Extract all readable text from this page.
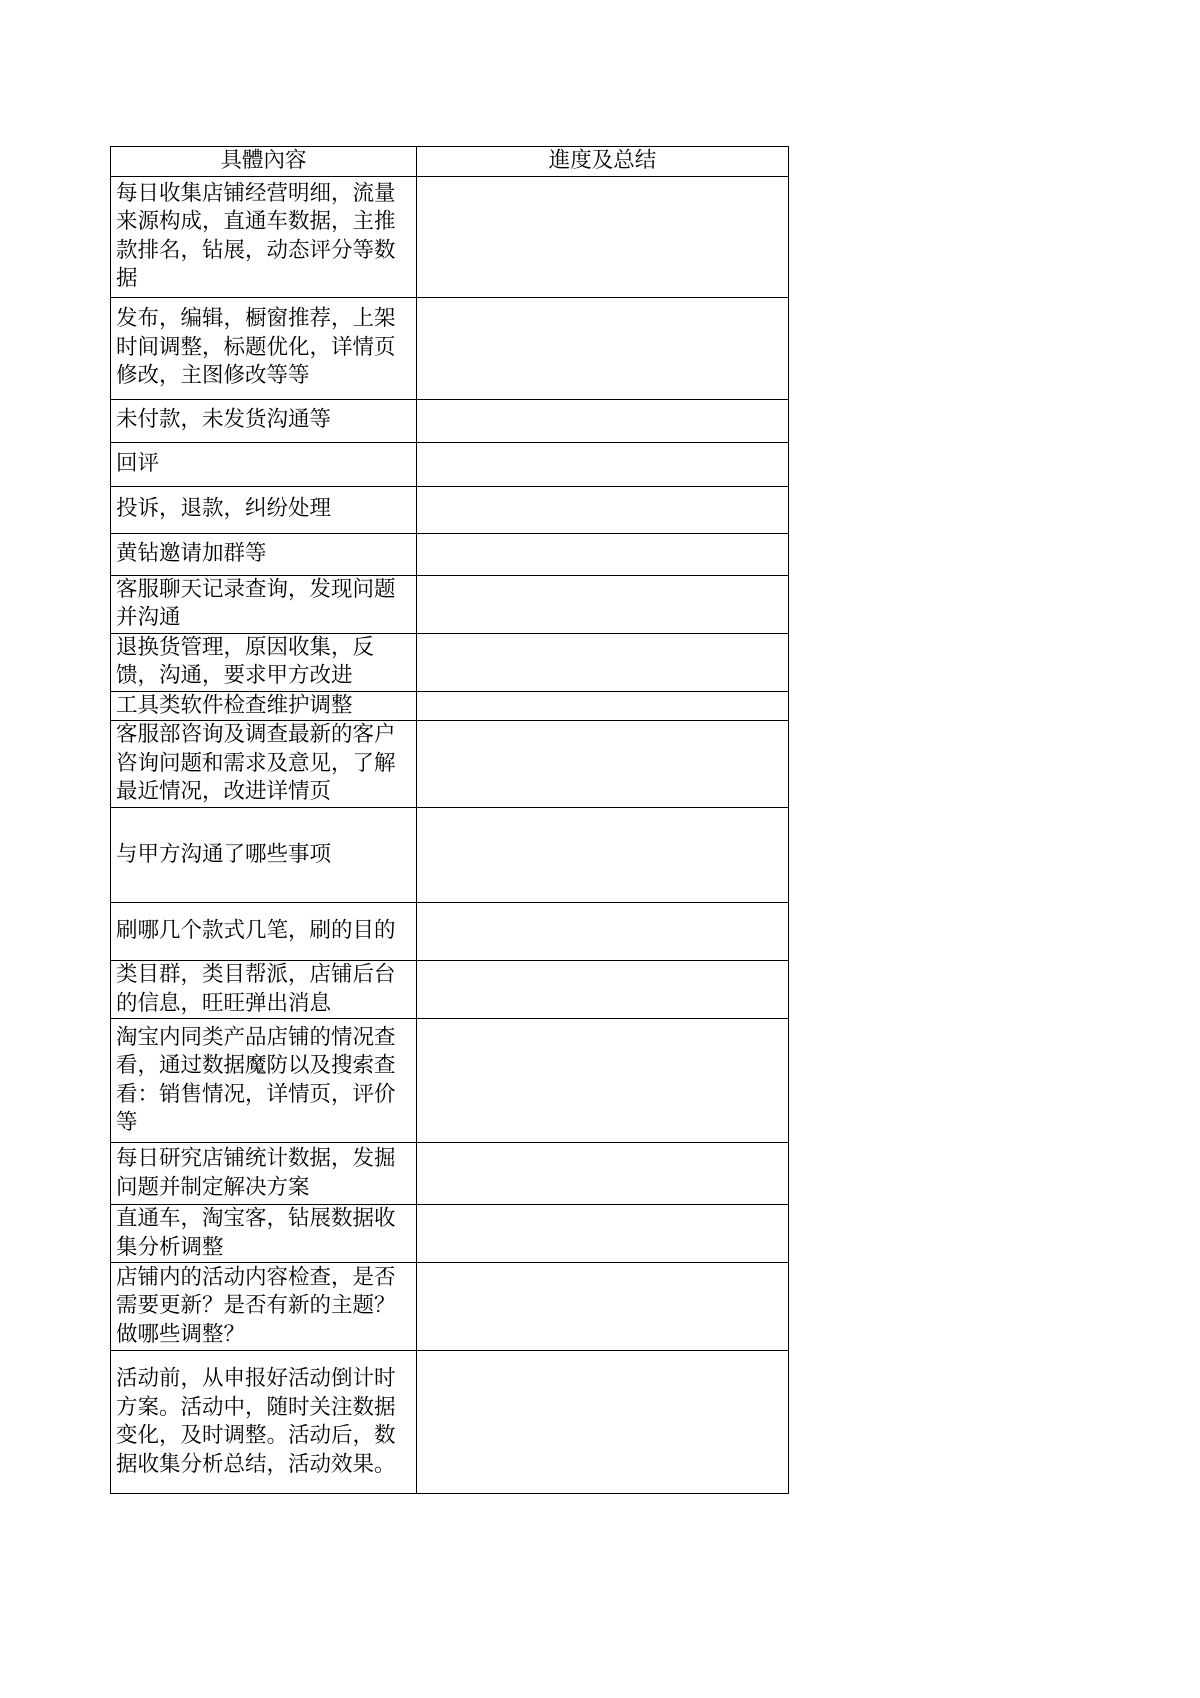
具體內容	進度及总结
每日收集店铺经营明细，流量来源构成，直通车数据，主推款排名，钻展，动态评分等数据	
发布，编辑，橱窗推荐，上架时间调整，标题优化，详情页修改，主图修改等等	
未付款，未发货沟通等	
回评	
投诉，退款，纠纷处理	
黄钻邀请加群等	
客服聊天记录查询，发现问题并沟通	
退换货管理，原因收集，反馈，沟通，要求甲方改进	
工具类软件检查维护调整	
客服部咨询及调查最新的客户咨询问题和需求及意见，了解最近情况，改进详情页	
与甲方沟通了哪些事项	
刷哪几个款式几笔，刷的目的	
类目群，类目帮派，店铺后台的信息，旺旺弹出消息	
淘宝内同类产品店铺的情况查看，通过数据魔防以及搜索查看：销售情况，详情页，评价等	
每日研究店铺统计数据，发掘问题并制定解决方案	
直通车，淘宝客，钻展数据收集分析调整	
店铺内的活动内容检查，是否需要更新？是否有新的主题？做哪些调整？	
活动前，从申报好活动倒计时方案。活动中，随时关注数据变化，及时调整。活动后，数据收集分析总结，活动效果。	
